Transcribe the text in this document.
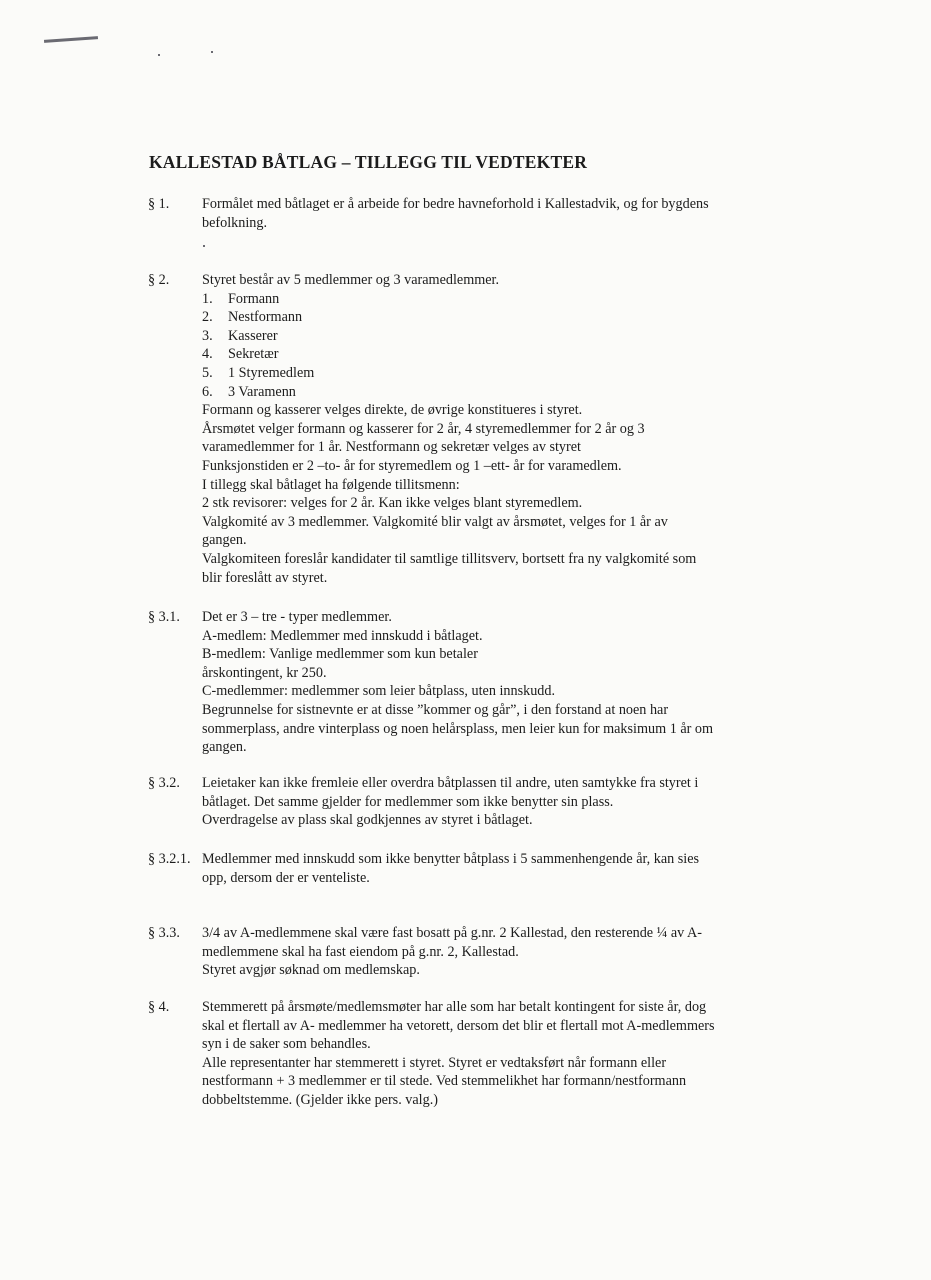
KALLESTAD BÅTLAG – TILLEGG TIL VEDTEKTER
§ 1. Formålet med båtlaget er å arbeide for bedre havneforhold i Kallestadvik, og for bygdens

befolkning.

§ 2. Styret består av 5 medlemmer og 3 varamedlemmer.

1.	Formann
2.	Nestformann
3.	Kasserer
4.	Sekretær
5.	1 Styremedlem
6.	3 Varamenn

Formann og kasserer velges direkte, de øvrige konstitueres i styret.

Årsmøtet velger formann og kasserer for 2 år, 4 styremedlemmer for 2 år og 3

varamedlemmer for 1 år. Nestformann og sekretær velges av styret

Funksjonstiden er 2 –to- år for styremedlem og 1 –ett- år for varamedlem.

I tillegg skal båtlaget ha følgende tillitsmenn:

2 stk revisorer: velges for 2 år. Kan ikke velges blant styremedlem.

Valgkomité av 3 medlemmer. Valgkomité blir valgt av årsmøtet, velges for 1 år av

gangen.

Valgkomiteen foreslår kandidater til samtlige tillitsverv, bortsett fra ny valgkomité som

blir foreslått av styret.

§ 3.1. Det er 3 – tre - typer medlemmer.

A-medlem: Medlemmer med innskudd i båtlaget.

B-medlem: Vanlige medlemmer som kun betaler

årskontingent, kr 250.

C-medlemmer: medlemmer som leier båtplass, uten innskudd.

Begrunnelse for sistnevnte er at disse ”kommer og går”, i den forstand at noen har

sommerplass, andre vinterplass og noen helårsplass, men leier kun for maksimum 1 år om

gangen.

§ 3.2. Leietaker kan ikke fremleie eller overdra båtplassen til andre, uten samtykke fra styret i

båtlaget. Det samme gjelder for medlemmer som ikke benytter sin plass.

Overdragelse av plass skal godkjennes av styret i båtlaget.

§ 3.2.1. Medlemmer med innskudd som ikke benytter båtplass i 5 sammenhengende år, kan sies

opp, dersom der er venteliste.

§ 3.3. 3/4 av A-medlemmene skal være fast bosatt på g.nr. 2 Kallestad, den resterende ¼ av A-

medlemmene skal ha fast eiendom på g.nr. 2, Kallestad.

Styret avgjør søknad om medlemskap.

§ 4. Stemmerett på årsmøte/medlemsmøter har alle som har betalt kontingent for siste år, dog

skal et flertall av A- medlemmer ha vetorett, dersom det blir et flertall mot A-medlemmers

syn i de saker som behandles.

Alle representanter har stemmerett i styret. Styret er vedtaksført når formann eller

nestformann + 3 medlemmer er til stede. Ved stemmelikhet har formann/nestformann

dobbeltstemme. (Gjelder ikke pers. valg.)
